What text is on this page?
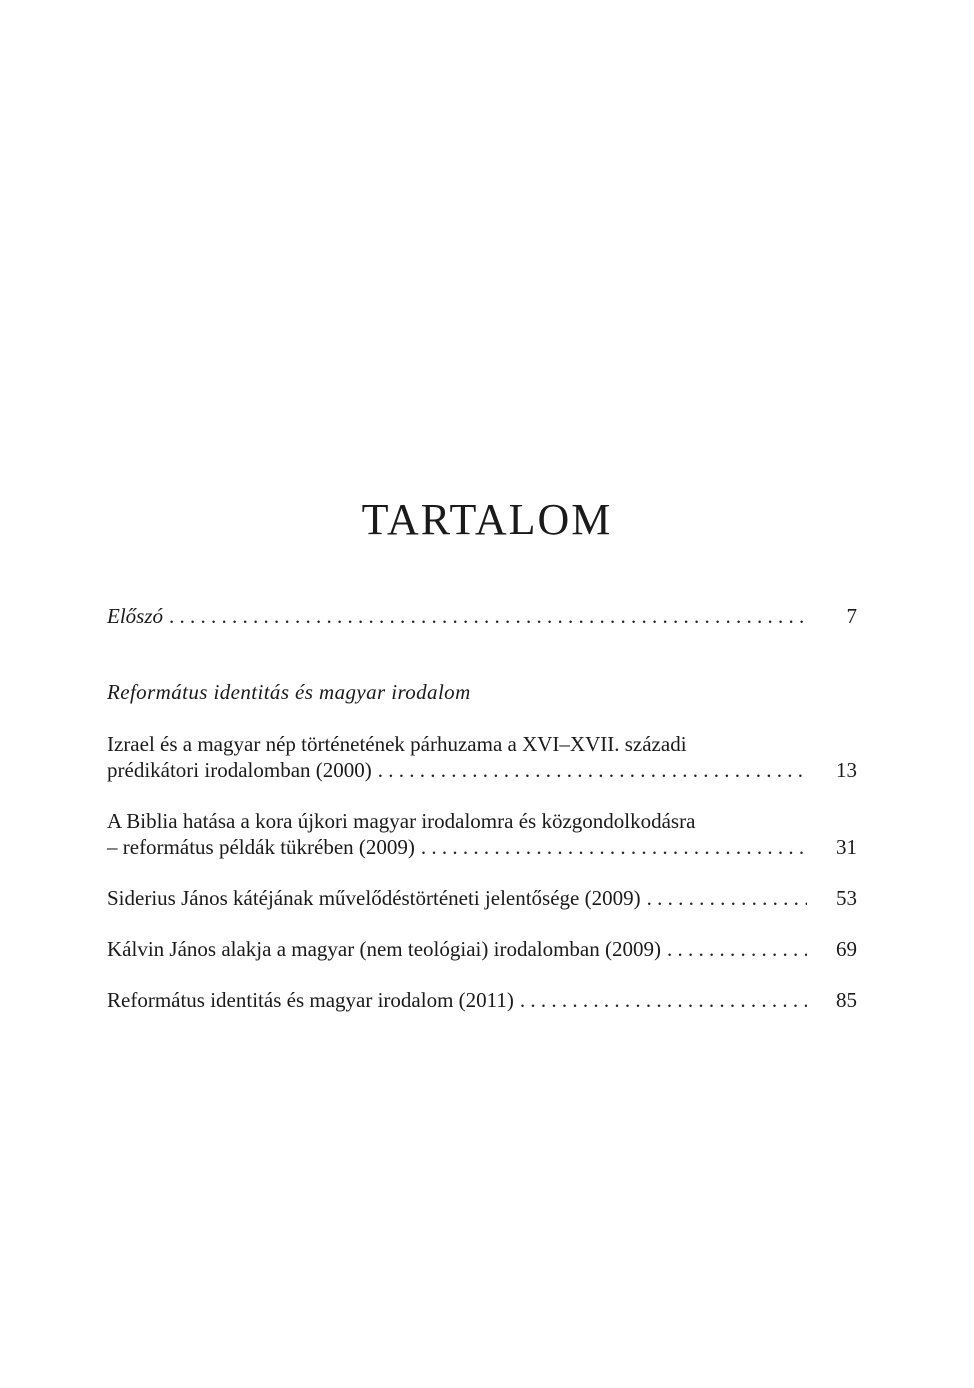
TARTALOM
Előszó . . .	7
Református identitás és magyar irodalom
Izrael és a magyar nép történetének párhuzama a XVI–XVII. századi
prédikátori irodalomban (2000) . . .	13
A Biblia hatása a kora újkori magyar irodalomra és közgondolkodásra
– református példák tükrében (2009) . . .	31
Siderius János kátéjának művelődéstörténeti jelentősége (2009) . . .	53
Kálvin János alakja a magyar (nem teológiai) irodalomban (2009) . . .	69
Református identitás és magyar irodalom (2011) . . .	85
